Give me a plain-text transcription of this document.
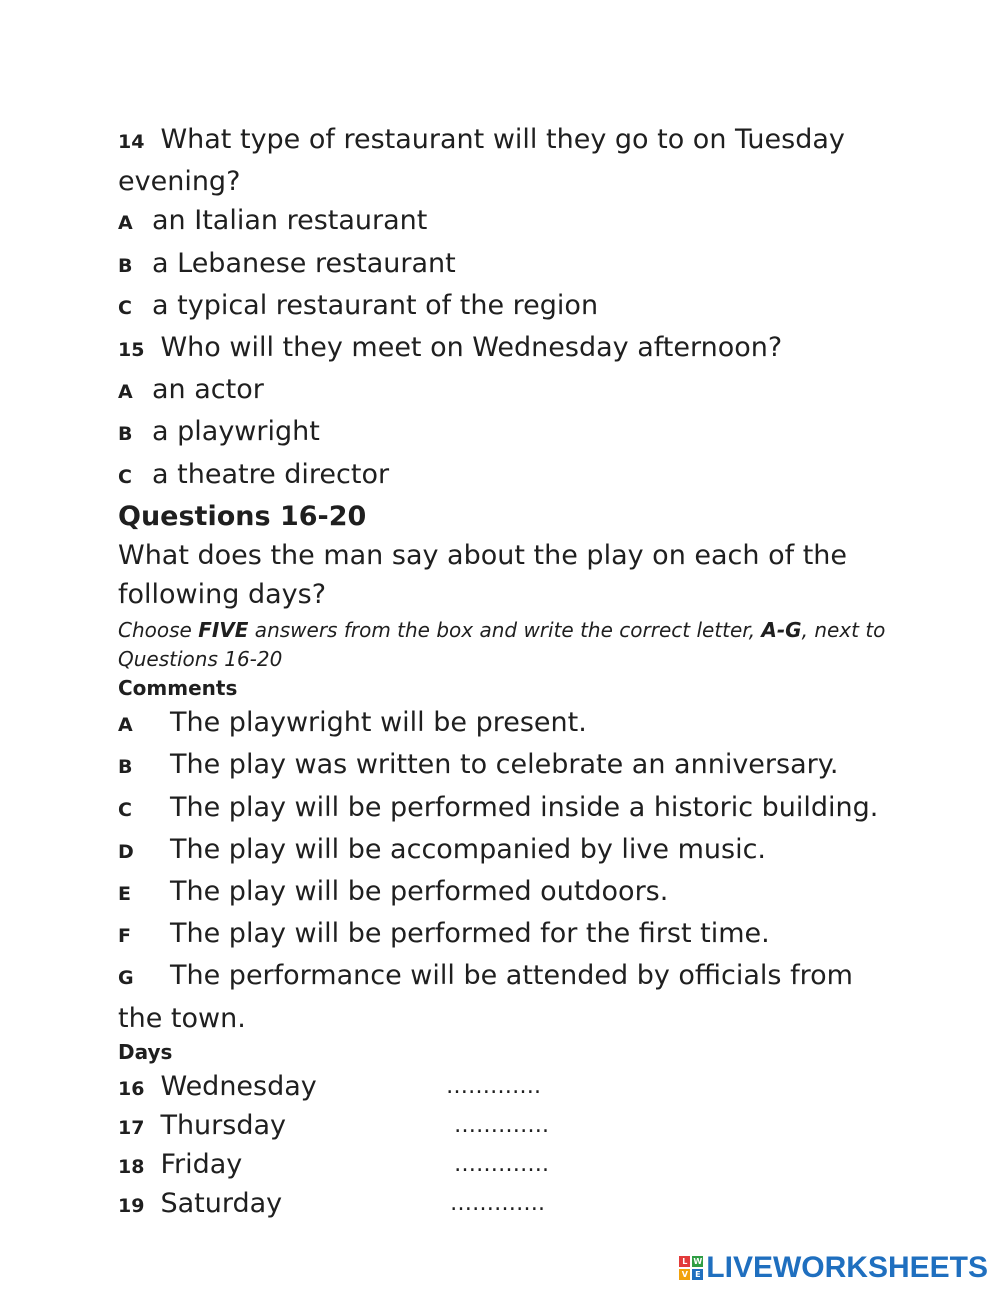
14 What type of restaurant will they go to on Tuesday evening?
A an Italian restaurant
B a Lebanese restaurant
C a typical restaurant of the region
15 Who will they meet on Wednesday afternoon?
A an actor
B a playwright
C a theatre director
Questions 16-20
What does the man say about the play on each of the following days?
Choose FIVE answers from the box and write the correct letter, A-G, next to Questions 16-20
Comments
A The playwright will be present.
B The play was written to celebrate an anniversary.
C The play will be performed inside a historic building.
D The play will be accompanied by live music.
E The play will be performed outdoors.
F The play will be performed for the first time.
G The performance will be attended by officials from the town.
Days
16 Wednesday	………….
17 Thursday	………….
18 Friday	………….
19 Saturday	………….
L W
V E LIVEWORKSHEETS
